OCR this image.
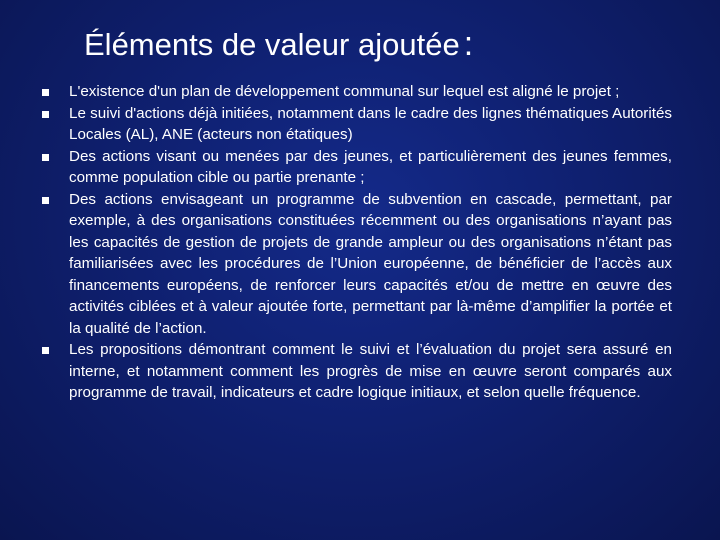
Éléments de valeur ajoutée :
L'existence d'un plan de développement communal sur lequel est aligné le projet ;
Le suivi d'actions déjà initiées, notamment dans le cadre des lignes thématiques Autorités Locales (AL), ANE (acteurs non étatiques)
Des actions visant ou menées par des jeunes, et particulièrement des jeunes femmes, comme population cible ou partie prenante ;
Des actions envisageant un programme de subvention en cascade, permettant, par exemple, à des organisations constituées récemment ou des organisations n’ayant pas les capacités de gestion de projets de grande ampleur ou des organisations n’étant pas familiarisées avec les procédures de l’Union européenne, de bénéficier de l’accès aux financements européens, de renforcer leurs capacités et/ou de mettre en œuvre des activités ciblées et à valeur ajoutée forte, permettant par là-même d’amplifier la portée et la qualité de l’action.
Les propositions démontrant comment le suivi et l’évaluation du projet sera assuré en interne, et notamment comment les progrès de mise en œuvre seront comparés aux programme de travail, indicateurs et cadre logique initiaux, et selon quelle fréquence.
